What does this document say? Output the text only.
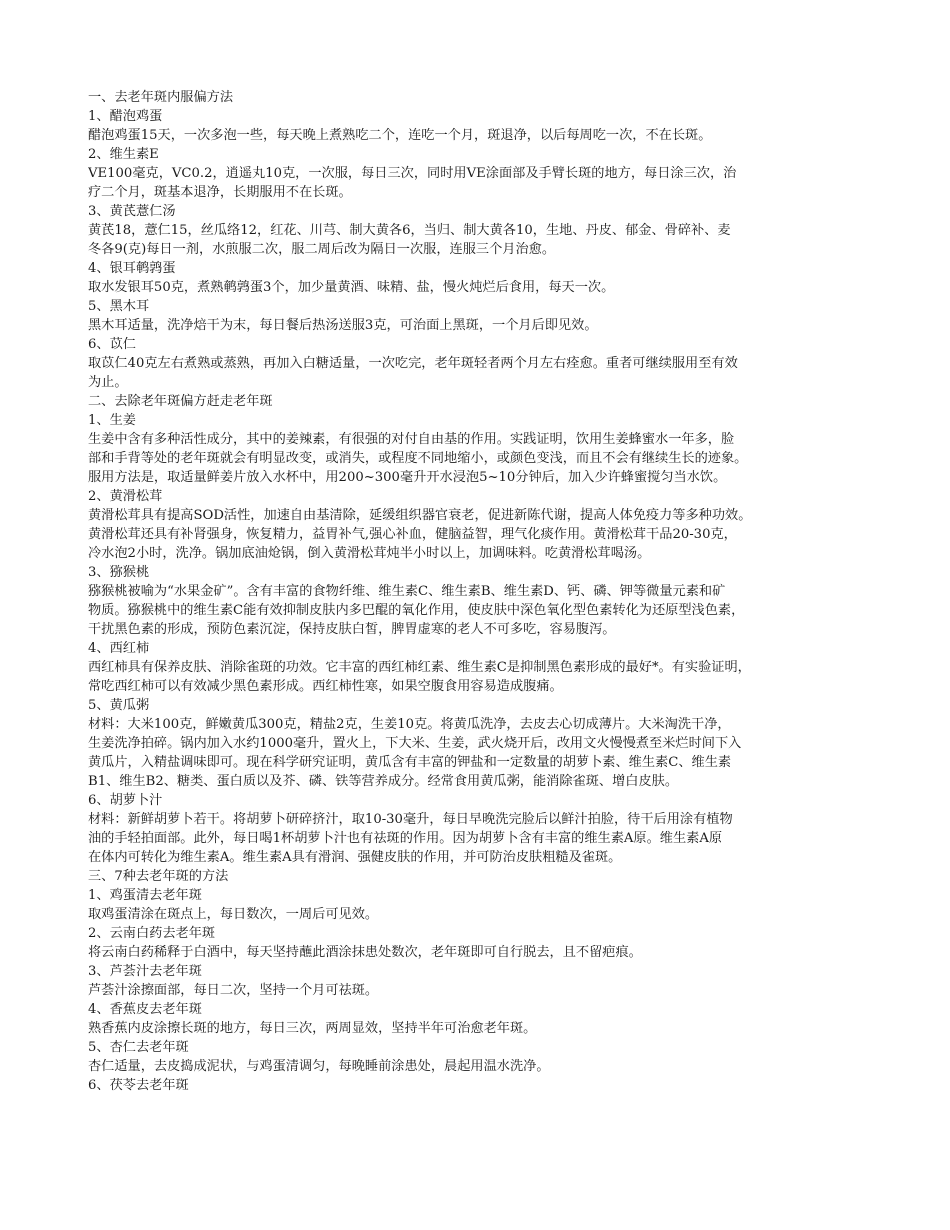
一、去老年斑内服偏方法
1、醋泡鸡蛋
醋泡鸡蛋15天，一次多泡一些，每天晚上煮熟吃二个，连吃一个月，斑退净，以后每周吃一次，不在长斑。
2、维生素E
VE100毫克，VC0.2，逍遥丸10克，一次服，每日三次，同时用VE涂面部及手臂长斑的地方，每日涂三次，治
疗二个月，斑基本退净，长期服用不在长斑。
3、黄芪薏仁汤
黄芪18，薏仁15，丝瓜络12，红花、川芎、制大黄各6，当归、制大黄各10，生地、丹皮、郁金、骨碎补、麦
冬各9(克)每日一剂，水煎服二次，服二周后改为隔日一次服，连服三个月治愈。
4、银耳鹌鹑蛋
取水发银耳50克，煮熟鹌鹑蛋3个，加少量黄酒、味精、盐，慢火炖烂后食用，每天一次。
5、黑木耳
黑木耳适量，洗净焙干为末，每日餐后热汤送服3克，可治面上黑斑，一个月后即见效。
6、苡仁
取苡仁40克左右煮熟或蒸熟，再加入白糖适量，一次吃完，老年斑轻者两个月左右痊愈。重者可继续服用至有效
为止。
二、去除老年斑偏方赶走老年斑
1、生姜
生姜中含有多种活性成分，其中的姜辣素，有很强的对付自由基的作用。实践证明，饮用生姜蜂蜜水一年多，脸
部和手背等处的老年斑就会有明显改变，或消失，或程度不同地缩小，或颜色变浅，而且不会有继续生长的迹象。
服用方法是，取适量鲜姜片放入水杯中，用200~300毫升开水浸泡5~10分钟后，加入少许蜂蜜搅匀当水饮。
2、黄滑松茸
黄滑松茸具有提高SOD活性，加速自由基清除，延缓组织器官衰老，促进新陈代谢，提高人体免疫力等多种功效。
黄滑松茸还具有补肾强身，恢复精力，益胃补气,强心补血，健脑益智，理气化痰作用。黄滑松茸干品20-30克，
冷水泡2小时，洗净。锅加底油炝锅，倒入黄滑松茸炖半小时以上，加调味料。吃黄滑松茸喝汤。
3、猕猴桃
猕猴桃被喻为“水果金矿”。含有丰富的食物纤维、维生素C、维生素B、维生素D、钙、磷、钾等微量元素和矿
物质。猕猴桃中的维生素C能有效抑制皮肤内多巴醌的氧化作用，使皮肤中深色氧化型色素转化为还原型浅色素，
干扰黑色素的形成，预防色素沉淀，保持皮肤白皙，脾胃虚寒的老人不可多吃，容易腹泻。
4、西红柿
西红柿具有保养皮肤、消除雀斑的功效。它丰富的西红柿红素、维生素C是抑制黑色素形成的最好*。有实验证明，
常吃西红柿可以有效减少黑色素形成。西红柿性寒，如果空腹食用容易造成腹痛。
5、黄瓜粥
材料：大米100克，鲜嫩黄瓜300克，精盐2克，生姜10克。将黄瓜洗净，去皮去心切成薄片。大米淘洗干净，
生姜洗净拍碎。锅内加入水约1000毫升，置火上，下大米、生姜，武火烧开后，改用文火慢慢煮至米烂时间下入
黄瓜片，入精盐调味即可。现在科学研究证明，黄瓜含有丰富的钾盐和一定数量的胡萝卜素、维生素C、维生素
B1、维生B2、糖类、蛋白质以及芥、磷、铁等营养成分。经常食用黄瓜粥，能消除雀斑、增白皮肤。
6、胡萝卜汁
材料：新鲜胡萝卜若干。将胡萝卜研碎挤汁，取10-30毫升，每日早晚洗完脸后以鲜汁拍脸，待干后用涂有植物
油的手轻拍面部。此外，每日喝1杯胡萝卜汁也有祛斑的作用。因为胡萝卜含有丰富的维生素A原。维生素A原
在体内可转化为维生素A。维生素A具有滑润、强健皮肤的作用，并可防治皮肤粗糙及雀斑。
三、7种去老年斑的方法
1、鸡蛋清去老年斑
取鸡蛋清涂在斑点上，每日数次，一周后可见效。
2、云南白药去老年斑
将云南白药稀释于白酒中，每天坚持蘸此酒涂抹患处数次，老年斑即可自行脱去，且不留疤痕。
3、芦荟汁去老年斑
芦荟汁涂擦面部，每日二次，坚持一个月可祛斑。
4、香蕉皮去老年斑
熟香蕉内皮涂擦长斑的地方，每日三次，两周显效，坚持半年可治愈老年斑。
5、杏仁去老年斑
杏仁适量，去皮捣成泥状，与鸡蛋清调匀，每晚睡前涂患处，晨起用温水洗净。
6、茯苓去老年斑
